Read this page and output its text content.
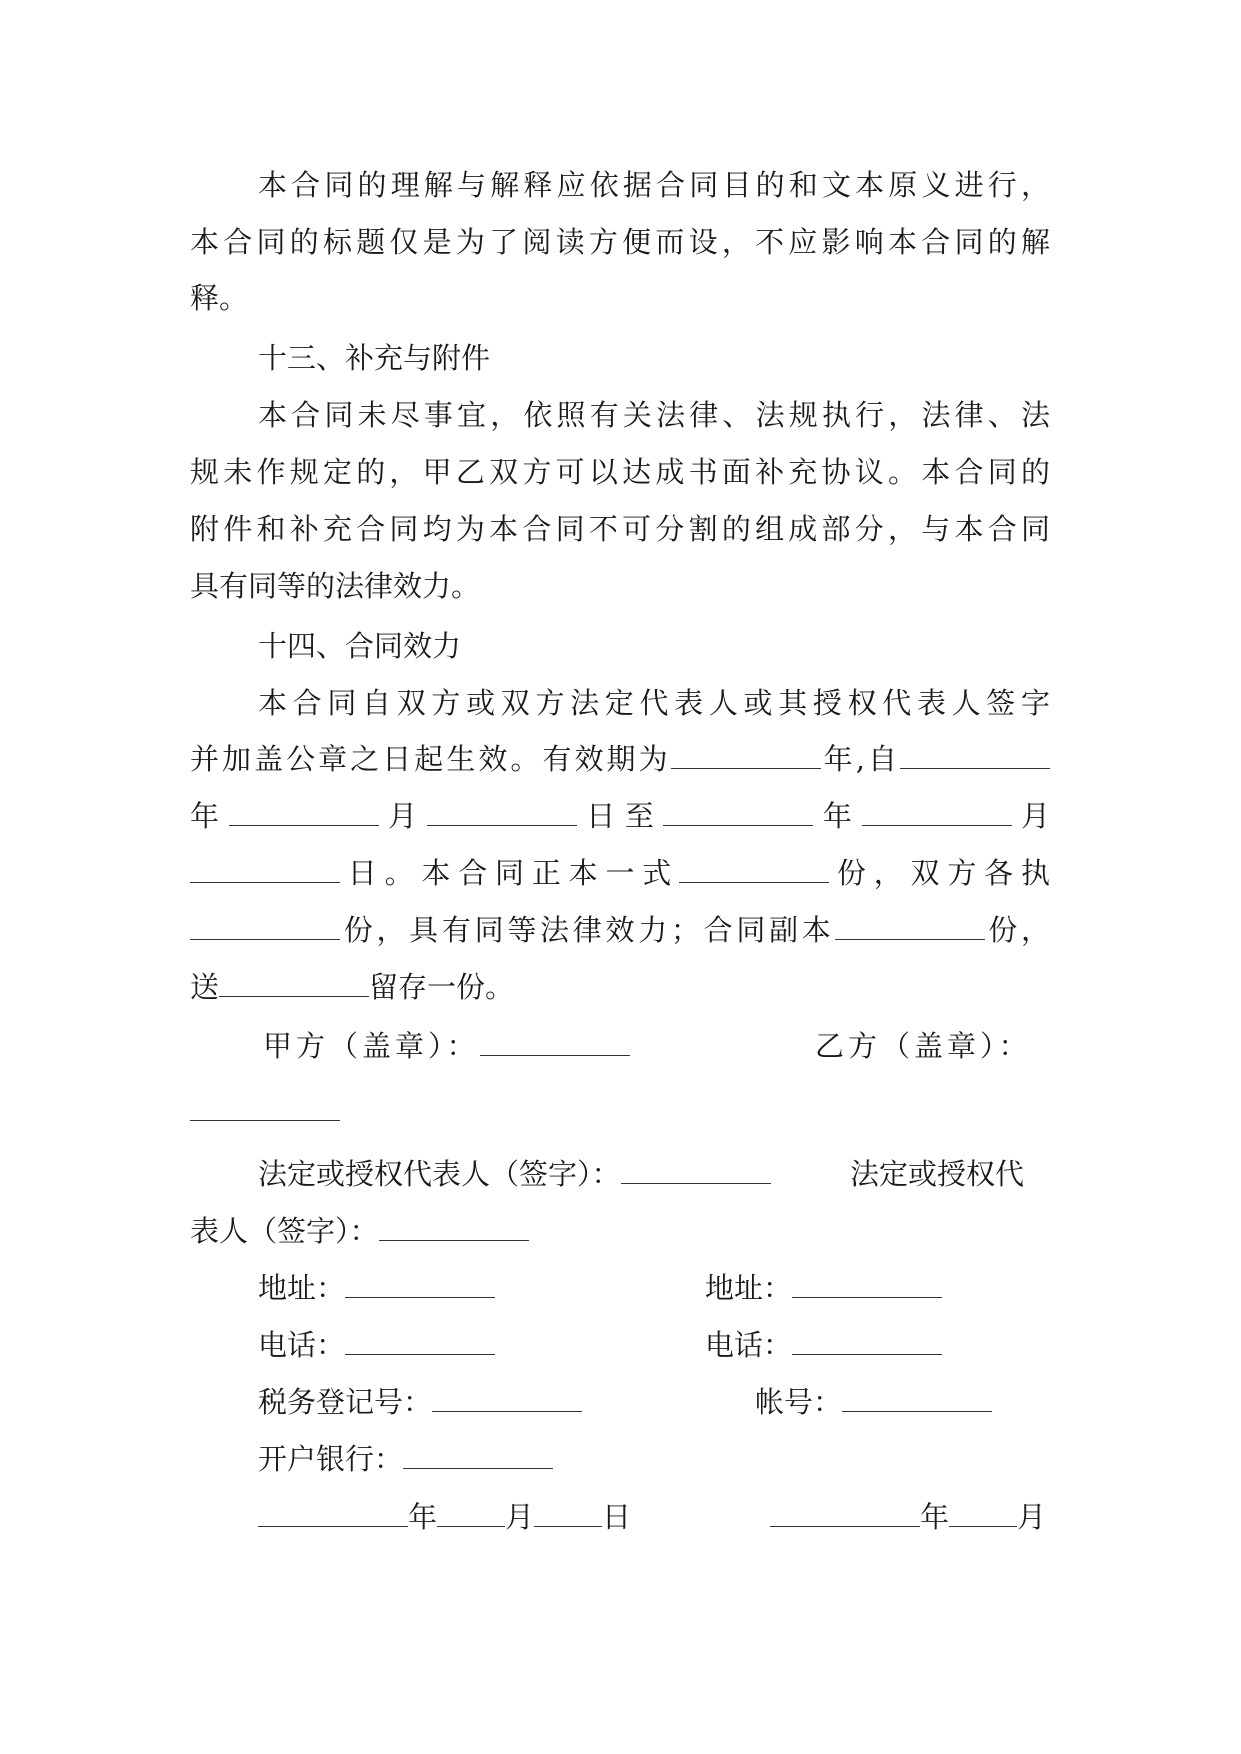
本合同的理解与解释应依据合同目的和文本原义进行，
本合同的标题仅是为了阅读方便而设，不应影响本合同的解
释。
十三、补充与附件
本合同未尽事宜，依照有关法律、法规执行，法律、法
规未作规定的，甲乙双方可以达成书面补充协议。本合同的
附件和补充合同均为本合同不可分割的组成部分，与本合同
具有同等的法律效力。
十四、合同效力
本合同自双方或双方法定代表人或其授权代表人签字
并加盖公章之日起生效。有效期为	年,自
年	月	日 至	年	月
日。本合同正本一式	份，双方各执
份，具有同等法律效力；合同副本	份，
送	留存一份。
甲方（盖章）：	乙方（盖章）：
法定或授权代表人（签字）：	法定或授权代
表人（签字）：
地址：	地址：
电话：	电话：
税务登记号：	帐号：
开户银行：
年 月 日	年 月
